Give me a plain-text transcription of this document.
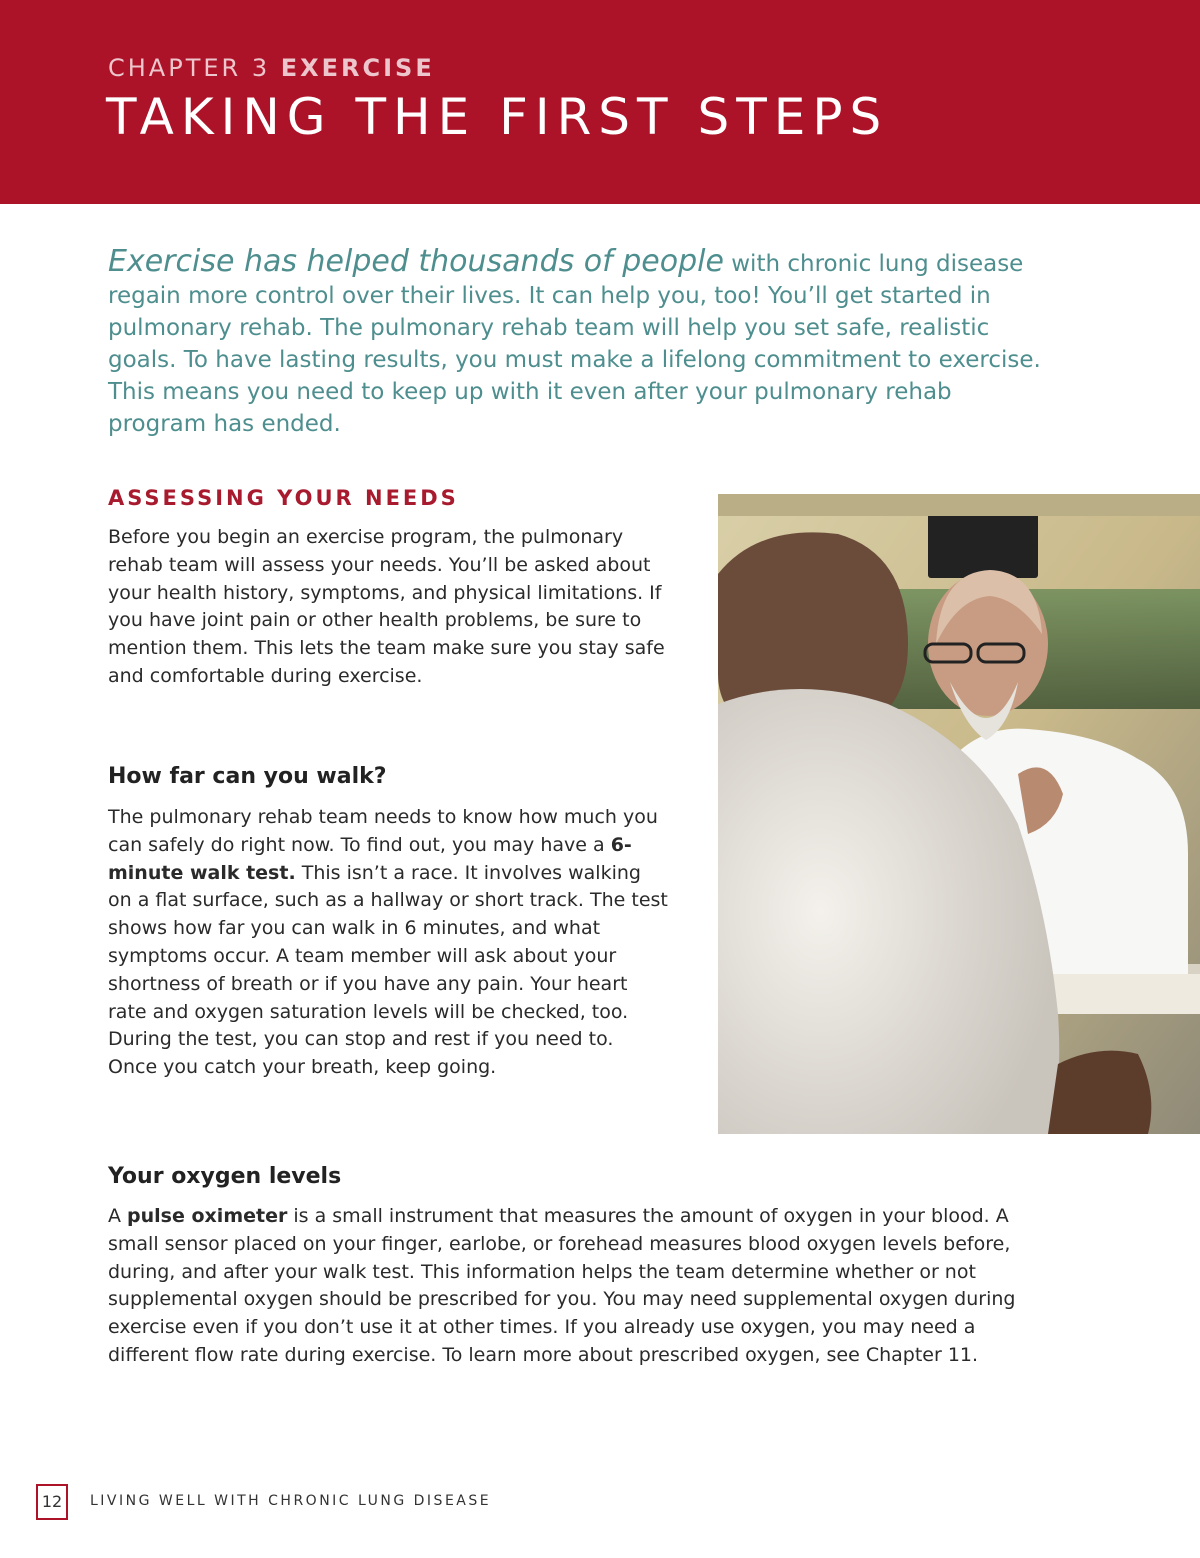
CHAPTER 3 EXERCISE
TAKING THE FIRST STEPS

Exercise has helped thousands of people with chronic lung disease regain more control over their lives. It can help you, too! You’ll get started in pulmonary rehab. The pulmonary rehab team will help you set safe, realistic goals. To have lasting results, you must make a lifelong commitment to exercise. This means you need to keep up with it even after your pulmonary rehab program has ended.

ASSESSING YOUR NEEDS

Before you begin an exercise program, the pulmonary rehab team will assess your needs. You’ll be asked about your health history, symptoms, and physical limitations. If you have joint pain or other health problems, be sure to mention them. This lets the team make sure you stay safe and comfortable during exercise.

How far can you walk?

The pulmonary rehab team needs to know how much you can safely do right now. To find out, you may have a 6-minute walk test. This isn’t a race. It involves walking on a flat surface, such as a hallway or short track. The test shows how far you can walk in 6 minutes, and what symptoms occur. A team member will ask about your shortness of breath or if you have any pain. Your heart rate and oxygen saturation levels will be checked, too. During the test, you can stop and rest if you need to. Once you catch your breath, keep going.

Your oxygen levels

A pulse oximeter is a small instrument that measures the amount of oxygen in your blood. A small sensor placed on your finger, earlobe, or forehead measures blood oxygen levels before, during, and after your walk test. This information helps the team determine whether or not supplemental oxygen should be prescribed for you. You may need supplemental oxygen during exercise even if you don’t use it at other times. If you already use oxygen, you may need a different flow rate during exercise. To learn more about prescribed oxygen, see Chapter 11.

12	LIVING WELL WITH CHRONIC LUNG DISEASE
